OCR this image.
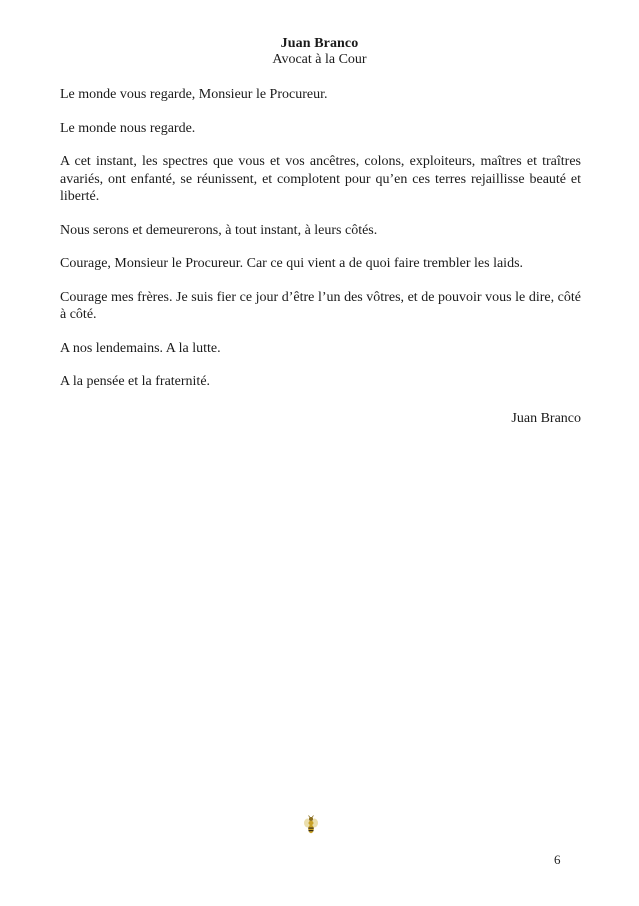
Juan Branco
Avocat à la Cour

Le monde vous regarde, Monsieur le Procureur.

Le monde nous regarde.

A cet instant, les spectres que vous et vos ancêtres, colons, exploiteurs, maîtres et traîtres avariés, ont enfanté, se réunissent, et complotent pour qu’en ces terres rejaillisse beauté et liberté.

Nous serons et demeurerons, à tout instant, à leurs côtés.

Courage, Monsieur le Procureur. Car ce qui vient a de quoi faire trembler les laids.

Courage mes frères. Je suis fier ce jour d’être l’un des vôtres, et de pouvoir vous le dire, côté à côté.

A nos lendemains. A la lutte.

A la pensée et la fraternité.

Juan Branco
6
